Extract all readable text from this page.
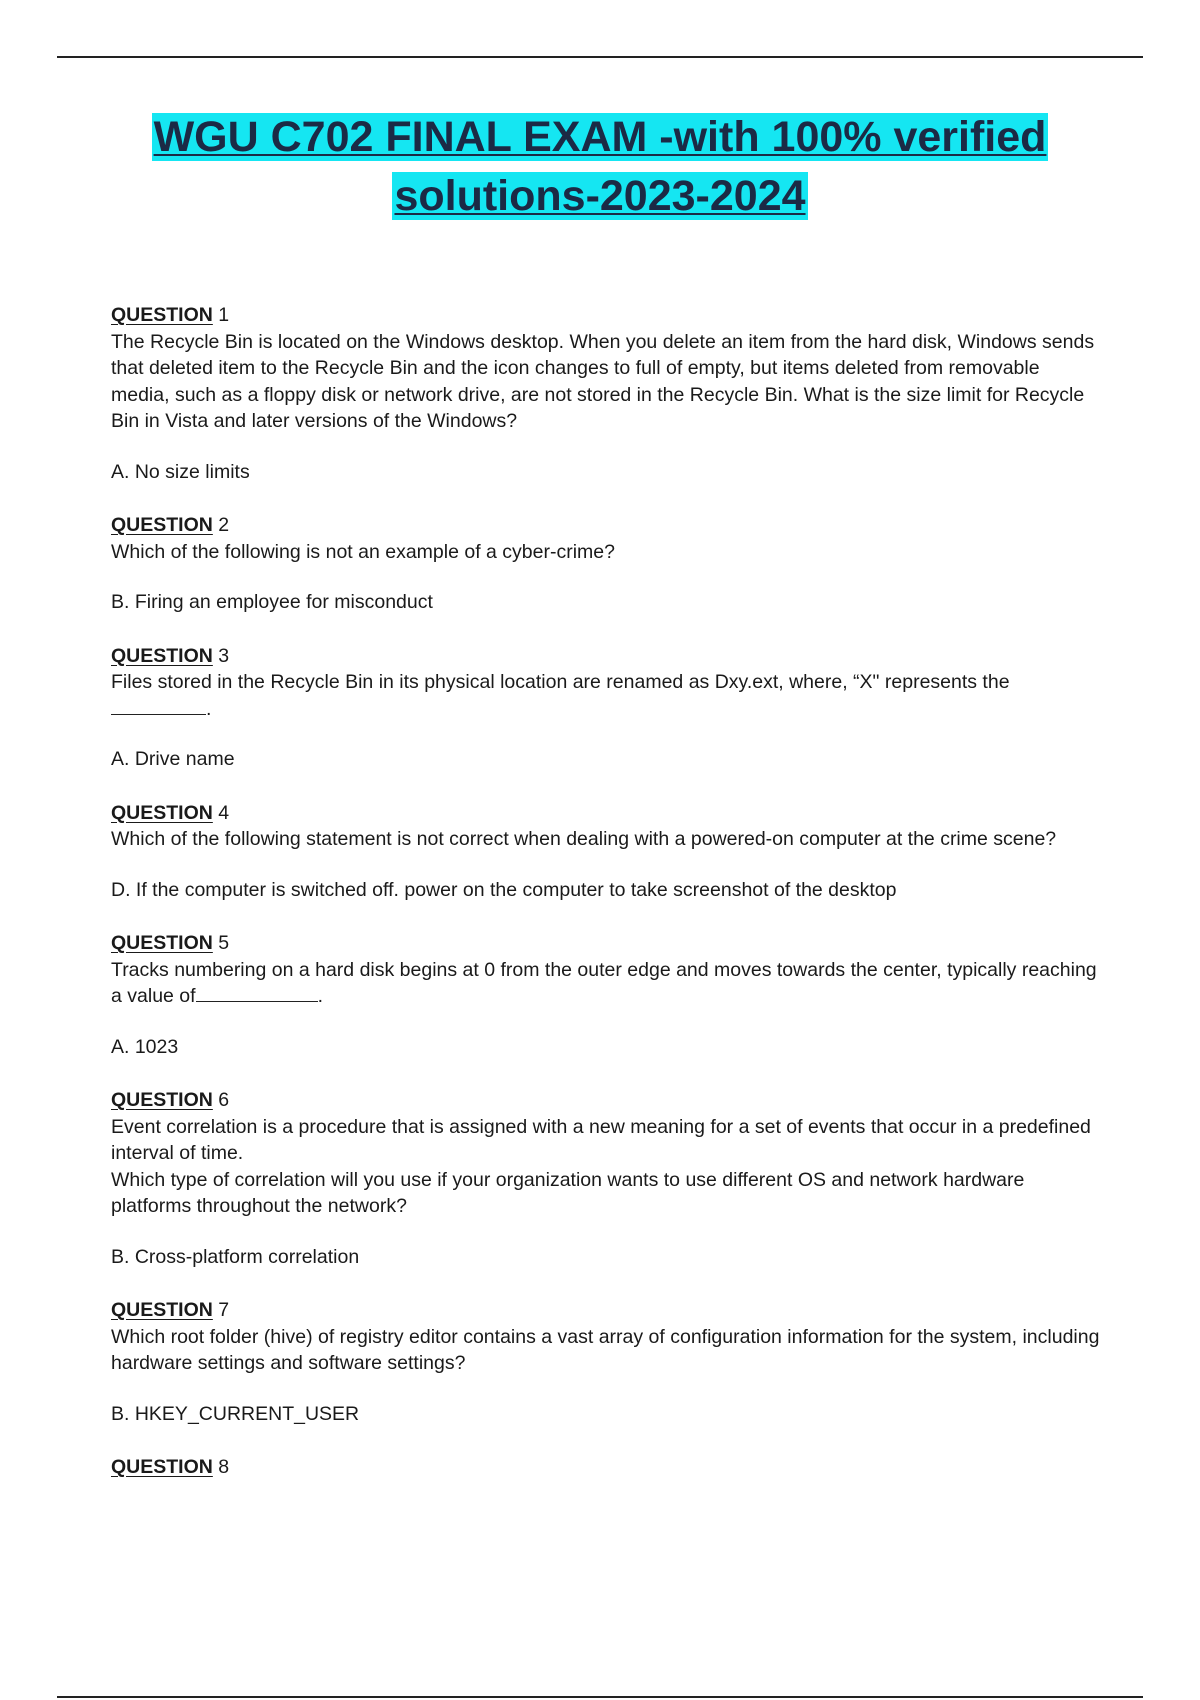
WGU C702 FINAL EXAM -with 100% verified
solutions-2023-2024
QUESTION 1

The Recycle Bin is located on the Windows desktop. When you delete an item from the hard disk, Windows sends that deleted item to the Recycle Bin and the icon changes to full of empty, but items deleted from removable media, such as a floppy disk or network drive, are not stored in the Recycle Bin. What is the size limit for Recycle Bin in Vista and later versions of the Windows?

A. No size limits
QUESTION 2

Which of the following is not an example of a cyber-crime?

B. Firing an employee for misconduct
QUESTION 3

Files stored in the Recycle Bin in its physical location are renamed as Dxy.ext, where, “X" represents the.

A. Drive name
QUESTION 4

Which of the following statement is not correct when dealing with a powered-on computer at the crime scene?

D. If the computer is switched off. power on the computer to take screenshot of the desktop
QUESTION 5

Tracks numbering on a hard disk begins at 0 from the outer edge and moves towards the center, typically reaching a value of	.

A. 1023
QUESTION 6

Event correlation is a procedure that is assigned with a new meaning for a set of events that occur in a predefined interval of time.

Which type of correlation will you use if your organization wants to use different OS and network hardware platforms throughout the network?

B. Cross-platform correlation
QUESTION 7

Which root folder (hive) of registry editor contains a vast array of configuration information for the system, including hardware settings and software settings?

B. HKEY_CURRENT_USER
QUESTION 8
